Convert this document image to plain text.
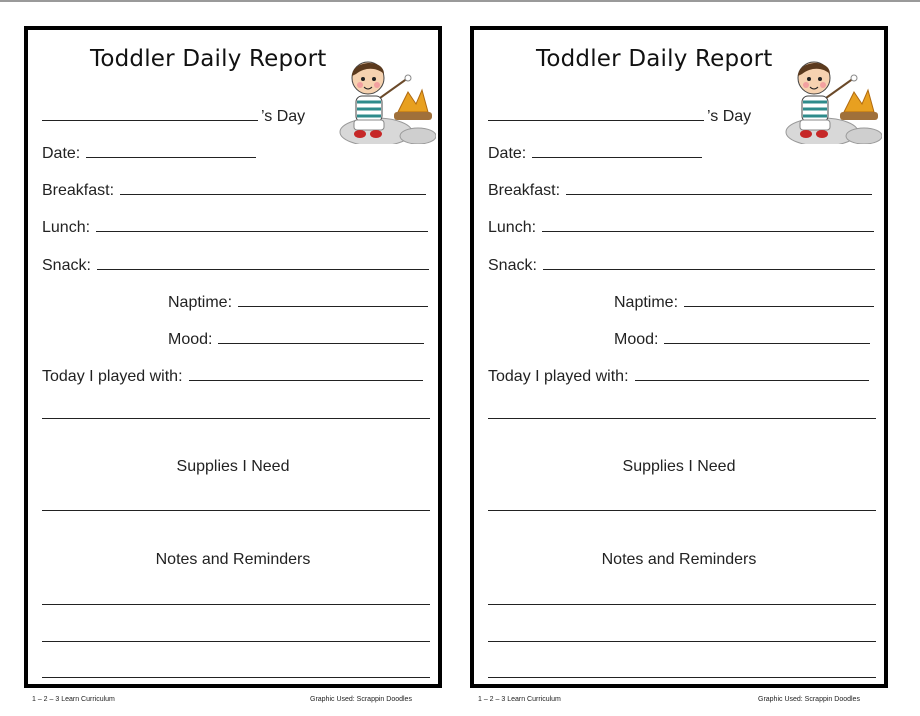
Toddler Daily Report
’s Day
Date:
Breakfast:
Lunch:
Snack:
Naptime:
Mood:
Today I played with:
Supplies I Need
Notes and Reminders
Toddler Daily Report
’s Day
Date:
Breakfast:
Lunch:
Snack:
Naptime:
Mood:
Today I played with:
Supplies I Need
Notes and Reminders
1 – 2 – 3 Learn Curriculum	Graphic Used: Scrappin Doodles	1 – 2 – 3 Learn Curriculum	Graphic Used: Scrappin Doodles
